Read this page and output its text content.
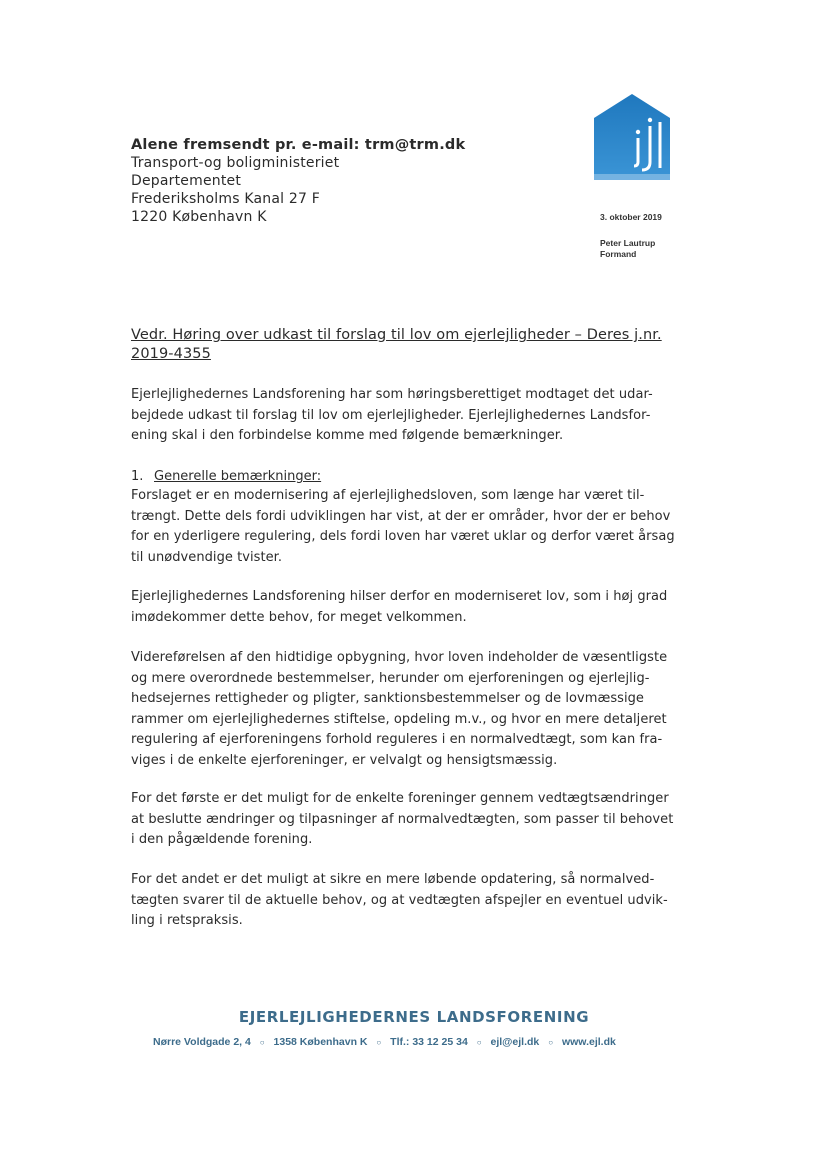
Alene fremsendt pr. e-mail: trm@trm.dk
Transport-og boligministeriet
Departementet
Frederiksholms Kanal 27 F
1220 København K	3. oktober 2019
Peter Lautrup
Formand
Vedr. Høring over udkast til forslag til lov om ejerlejligheder – Deres j.nr.
2019-4355
Ejerlejlighedernes Landsforening har som høringsberettiget modtaget det udar-
bejdede udkast til forslag til lov om ejerlejligheder. Ejerlejlighedernes Landsfor-
ening skal i den forbindelse komme med følgende bemærkninger.
1. Generelle bemærkninger:
Forslaget er en modernisering af ejerlejlighedsloven, som længe har været til-
trængt. Dette dels fordi udviklingen har vist, at der er områder, hvor der er behov
for en yderligere regulering, dels fordi loven har været uklar og derfor været årsag
til unødvendige tvister.
Ejerlejlighedernes Landsforening hilser derfor en moderniseret lov, som i høj grad
imødekommer dette behov, for meget velkommen.
Videreførelsen af den hidtidige opbygning, hvor loven indeholder de væsentligste
og mere overordnede bestemmelser, herunder om ejerforeningen og ejerlejlig-
hedsejernes rettigheder og pligter, sanktionsbestemmelser og de lovmæssige
rammer om ejerlejlighedernes stiftelse, opdeling m.v., og hvor en mere detaljeret
regulering af ejerforeningens forhold reguleres i en normalvedtægt, som kan fra-
viges i de enkelte ejerforeninger, er velvalgt og hensigtsmæssig.
For det første er det muligt for de enkelte foreninger gennem vedtægtsændringer
at beslutte ændringer og tilpasninger af normalvedtægten, som passer til behovet
i den pågældende forening.
For det andet er det muligt at sikre en mere løbende opdatering, så normalved-
tægten svarer til de aktuelle behov, og at vedtægten afspejler en eventuel udvik-
ling i retspraksis.
EJERLEJLIGHEDERNES LANDSFORENING
Nørre Voldgade 2, 4 ○ 1358 København K ○ Tlf.: 33 12 25 34 ○ ejl@ejl.dk ○ www.ejl.dk
